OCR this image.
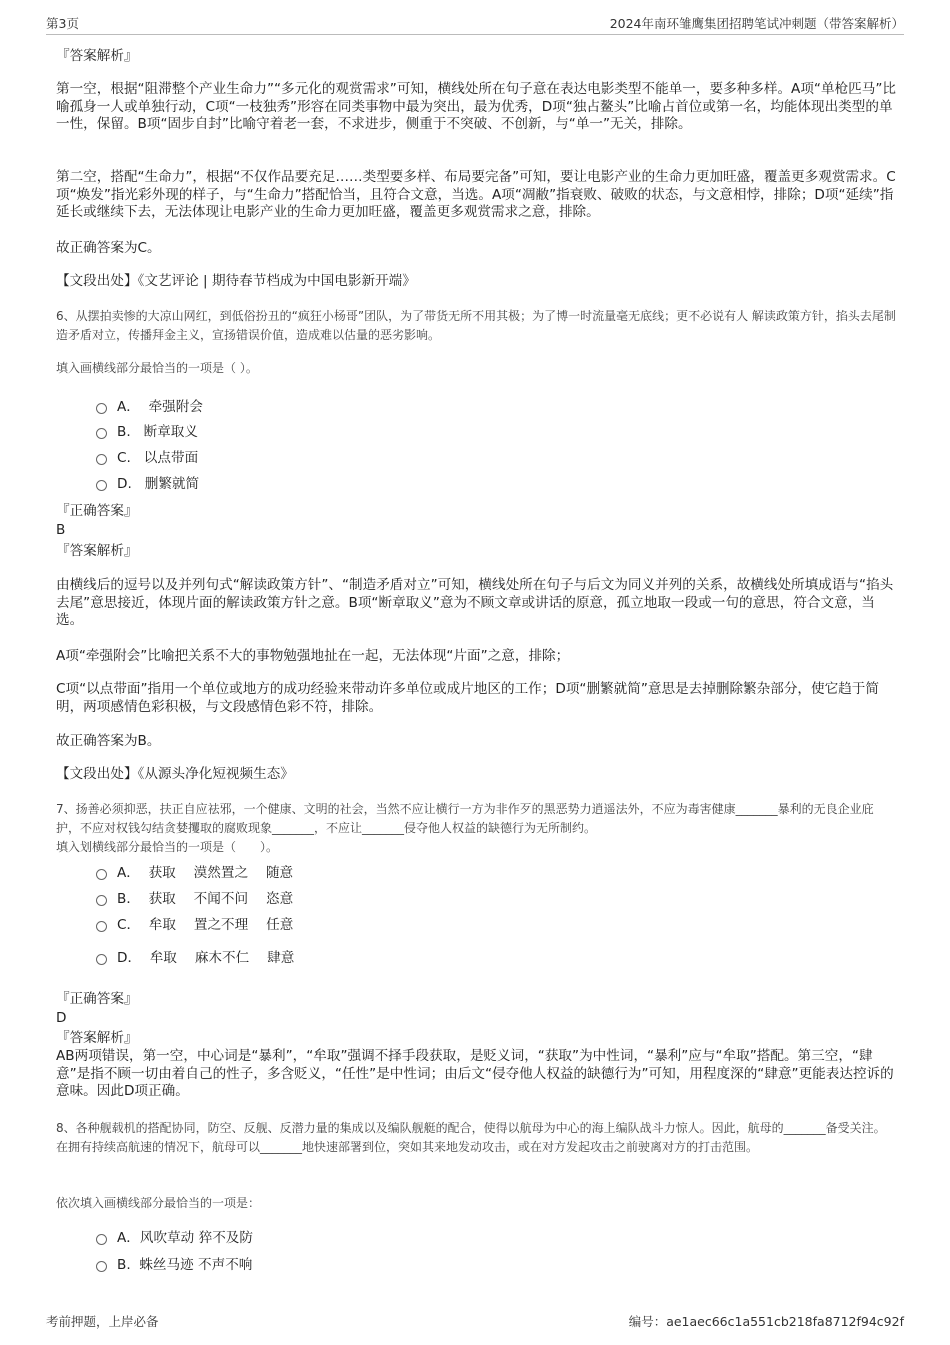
第3页	2024年南环雏鹰集团招聘笔试冲刺题（带答案解析）

『答案解析』

第一空，根据“阻滞整个产业生命力”“多元化的观赏需求”可知，横线处所在句子意在表达电影类型不能单一，要多种多样。A项“单枪匹马”比喻孤身一人或单独行动，C项“一枝独秀”形容在同类事物中最为突出，最为优秀，D项“独占鳌头”比喻占首位或第一名，均能体现出类型的单一性，保留。B项“固步自封”比喻守着老一套，不求进步，侧重于不突破、不创新，与“单一”无关，排除。

第二空，搭配“生命力”，根据“不仅作品要充足……类型要多样、布局要完备”可知，要让电影产业的生命力更加旺盛，覆盖更多观赏需求。C项“焕发”指光彩外现的样子，与“生命力”搭配恰当，且符合文意，当选。A项“凋敝”指衰败、破败的状态，与文意相悖，排除；D项“延续”指延长或继续下去，无法体现让电影产业的生命力更加旺盛，覆盖更多观赏需求之意，排除。

故正确答案为C。

【文段出处】《文艺评论 | 期待春节档成为中国电影新开端》

6、从摆拍卖惨的大凉山网红，到低俗扮丑的“疯狂小杨哥”团队，为了带货无所不用其极；为了博一时流量毫无底线；更不必说有人 解读政策方针，掐头去尾制造矛盾对立，传播拜金主义，宣扬错误价值，造成难以估量的恶劣影响。

填入画横线部分最恰当的一项是（ ）。

A． 牵强附会
B. 断章取义
C. 以点带面
D. 删繁就简

『正确答案』

B

『答案解析』

由横线后的逗号以及并列句式“解读政策方针”、“制造矛盾对立”可知，横线处所在句子与后文为同义并列的关系，故横线处所填成语与“掐头去尾”意思接近，体现片面的解读政策方针之意。B项“断章取义”意为不顾文章或讲话的原意，孤立地取一段或一句的意思，符合文意，当选。

A项“牵强附会”比喻把关系不大的事物勉强地扯在一起，无法体现“片面”之意，排除；

C项“以点带面”指用一个单位或地方的成功经验来带动许多单位或成片地区的工作；D项“删繁就简”意思是去掉删除繁杂部分，使它趋于简明，两项感情色彩积极，与文段感情色彩不符，排除。

故正确答案为B。

【文段出处】《从源头净化短视频生态》

7、扬善必须抑恶，扶正自应祛邪，一个健康、文明的社会，当然不应让横行一方为非作歹的黑恶势力逍遥法外，不应为毒害健康_______暴利的无良企业庇护，不应对权钱勾结贪婪攫取的腐败现象_______，不应让_______侵夺他人权益的缺德行为无所制约。

填入划横线部分最恰当的一项是（　　）。

A． 获取　 漠然置之　 随意
B． 获取　 不闻不问　 恣意
C． 牟取　 置之不理　 任意
D． 牟取　 麻木不仁　 肆意

『正确答案』

D

『答案解析』

AB两项错误，第一空，中心词是“暴利”，“牟取”强调不择手段获取，是贬义词，“获取”为中性词，“暴利”应与“牟取”搭配。第三空，“肆意”是指不顾一切由着自己的性子，多含贬义，“任性”是中性词；由后文“侵夺他人权益的缺德行为”可知，用程度深的“肆意”更能表达控诉的意味。因此D项正确。

8、各种舰载机的搭配协同，防空、反舰、反潜力量的集成以及编队舰艇的配合，使得以航母为中心的海上编队战斗力惊人。因此，航母的_______备受关注。在拥有持续高航速的情况下，航母可以_______地快速部署到位，突如其来地发动攻击，或在对方发起攻击之前驶离对方的打击范围。

依次填入画横线部分最恰当的一项是：

A．风吹草动 猝不及防
B. 蛛丝马迹 不声不响
考前押题，上岸必备	编号：ae1aec66c1a551cb218fa8712f94c92f
